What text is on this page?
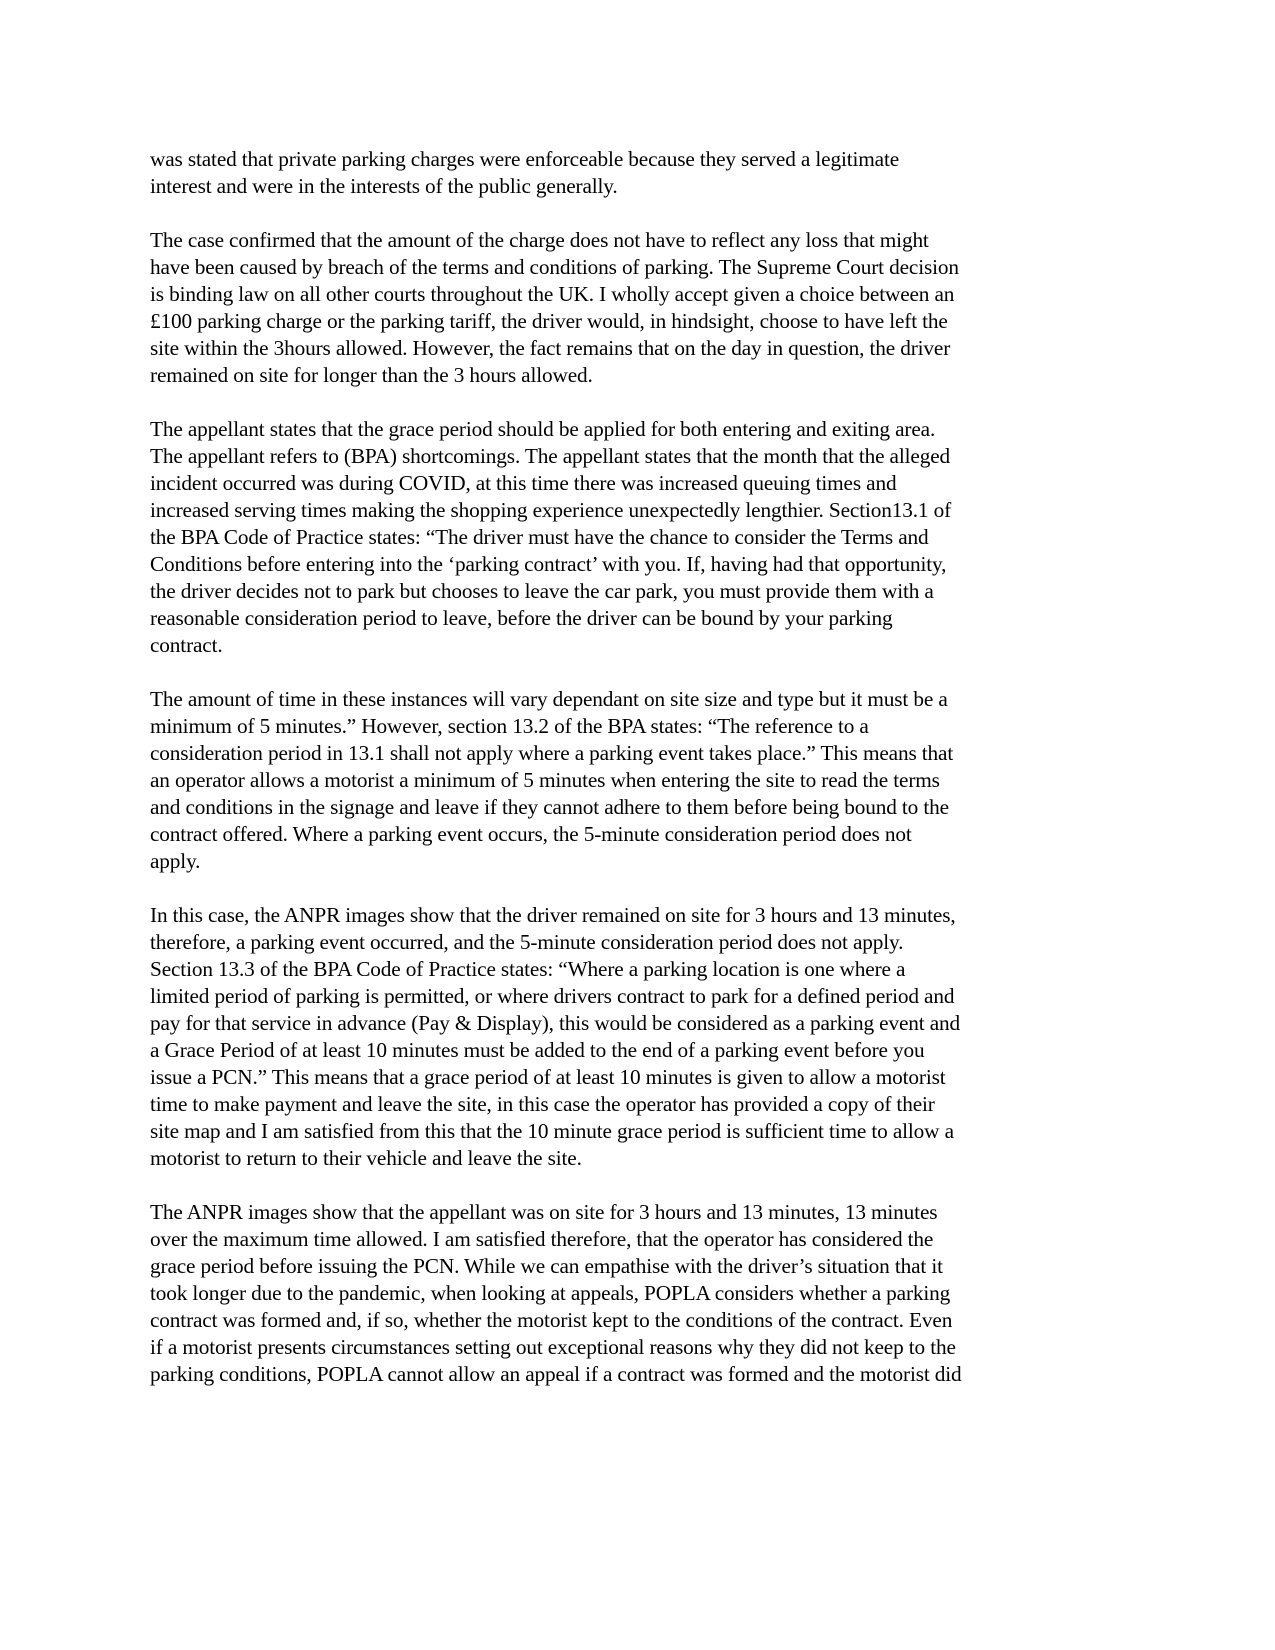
was stated that private parking charges were enforceable because they served a legitimate
interest and were in the interests of the public generally.

The case confirmed that the amount of the charge does not have to reflect any loss that might
have been caused by breach of the terms and conditions of parking. The Supreme Court decision
is binding law on all other courts throughout the UK. I wholly accept given a choice between an
£100 parking charge or the parking tariff, the driver would, in hindsight, choose to have left the
site within the 3hours allowed. However, the fact remains that on the day in question, the driver
remained on site for longer than the 3 hours allowed.

The appellant states that the grace period should be applied for both entering and exiting area.
The appellant refers to (BPA) shortcomings. The appellant states that the month that the alleged
incident occurred was during COVID, at this time there was increased queuing times and
increased serving times making the shopping experience unexpectedly lengthier. Section13.1 of
the BPA Code of Practice states: “The driver must have the chance to consider the Terms and
Conditions before entering into the ‘parking contract’ with you. If, having had that opportunity,
the driver decides not to park but chooses to leave the car park, you must provide them with a
reasonable consideration period to leave, before the driver can be bound by your parking
contract.

The amount of time in these instances will vary dependant on site size and type but it must be a
minimum of 5 minutes.” However, section 13.2 of the BPA states: “The reference to a
consideration period in 13.1 shall not apply where a parking event takes place.” This means that
an operator allows a motorist a minimum of 5 minutes when entering the site to read the terms
and conditions in the signage and leave if they cannot adhere to them before being bound to the
contract offered. Where a parking event occurs, the 5-minute consideration period does not
apply.

In this case, the ANPR images show that the driver remained on site for 3 hours and 13 minutes,
therefore, a parking event occurred, and the 5-minute consideration period does not apply.
Section 13.3 of the BPA Code of Practice states: “Where a parking location is one where a
limited period of parking is permitted, or where drivers contract to park for a defined period and
pay for that service in advance (Pay & Display), this would be considered as a parking event and
a Grace Period of at least 10 minutes must be added to the end of a parking event before you
issue a PCN.” This means that a grace period of at least 10 minutes is given to allow a motorist
time to make payment and leave the site, in this case the operator has provided a copy of their
site map and I am satisfied from this that the 10 minute grace period is sufficient time to allow a
motorist to return to their vehicle and leave the site.

The ANPR images show that the appellant was on site for 3 hours and 13 minutes, 13 minutes
over the maximum time allowed. I am satisfied therefore, that the operator has considered the
grace period before issuing the PCN. While we can empathise with the driver’s situation that it
took longer due to the pandemic, when looking at appeals, POPLA considers whether a parking
contract was formed and, if so, whether the motorist kept to the conditions of the contract. Even
if a motorist presents circumstances setting out exceptional reasons why they did not keep to the
parking conditions, POPLA cannot allow an appeal if a contract was formed and the motorist did
